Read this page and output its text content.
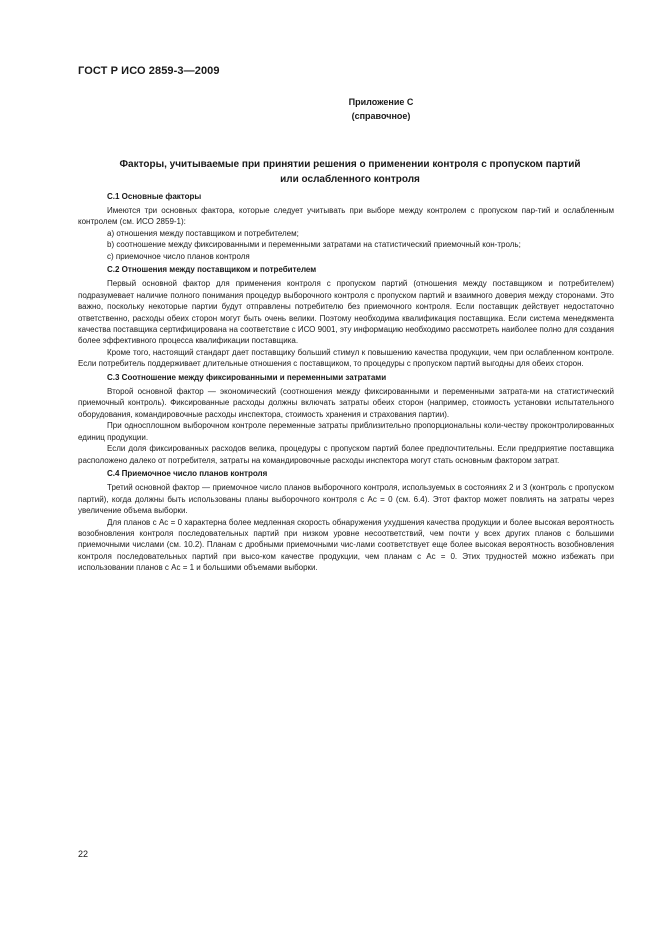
ГОСТ Р ИСО 2859-3—2009
Приложение С
(справочное)
Факторы, учитываемые при принятии решения о применении контроля с пропуском партий
или ослабленного контроля
С.1 Основные факторы

Имеются три основных фактора, которые следует учитывать при выборе между контролем с пропуском пар-тий и ослабленным контролем (см. ИСО 2859-1):

а) отношения между поставщиком и потребителем;

b) соотношение между фиксированными и переменными затратами на статистический приемочный кон-троль;

с) приемочное число планов контроля

С.2 Отношения между поставщиком и потребителем

Первый основной фактор для применения контроля с пропуском партий (отношения между поставщиком и потребителем) подразумевает наличие полного понимания процедур выборочного контроля с пропуском партий и взаимного доверия между сторонами. Это важно, поскольку некоторые партии будут отправлены потребителю без приемочного контроля. Если поставщик действует недостаточно ответственно, расходы обеих сторон могут быть очень велики. Поэтому необходима квалификация поставщика. Если система менеджмента качества поставщика сертифицирована на соответствие с ИСО 9001, эту информацию необходимо рассмотреть наиболее полно для создания более эффективного процесса квалификации поставщика.

Кроме того, настоящий стандарт дает поставщику больший стимул к повышению качества продукции, чем при ослабленном контроле. Если потребитель поддерживает длительные отношения с поставщиком, то процедуры с пропуском партий выгодны для обеих сторон.

С.3 Соотношение между фиксированными и переменными затратами

Второй основной фактор — экономический (соотношения между фиксированными и переменными затрата-ми на статистический приемочный контроль). Фиксированные расходы должны включать затраты обеих сторон (например, стоимость установки испытательного оборудования, командировочные расходы инспектора, стоимость хранения и страхования партии).

При односплошном выборочном контроле переменные затраты приблизительно пропорциональны коли-честву проконтролированных единиц продукции.

Если доля фиксированных расходов велика, процедуры с пропуском партий более предпочтительны. Если предприятие поставщика расположено далеко от потребителя, затраты на командировочные расходы инспектора могут стать основным фактором затрат.

С.4 Приемочное число планов контроля

Третий основной фактор — приемочное число планов выборочного контроля, используемых в состояниях 2 и 3 (контроль с пропуском партий), когда должны быть использованы планы выборочного контроля с Ac = 0 (см. 6.4). Этот фактор может повлиять на затраты через увеличение объема выборки.

Для планов с Ac = 0 характерна более медленная скорость обнаружения ухудшения качества продукции и более высокая вероятность возобновления контроля последовательных партий при низком уровне несоответствий, чем почти у всех других планов с большими приемочными числами (см. 10.2). Планам с дробными приемочными чис-лами соответствует еще более высокая вероятность возобновления контроля последовательных партий при высо-ком качестве продукции, чем планам с Ac = 0. Этих трудностей можно избежать при использовании планов с Ac = 1 и большими объемами выборки.

22
